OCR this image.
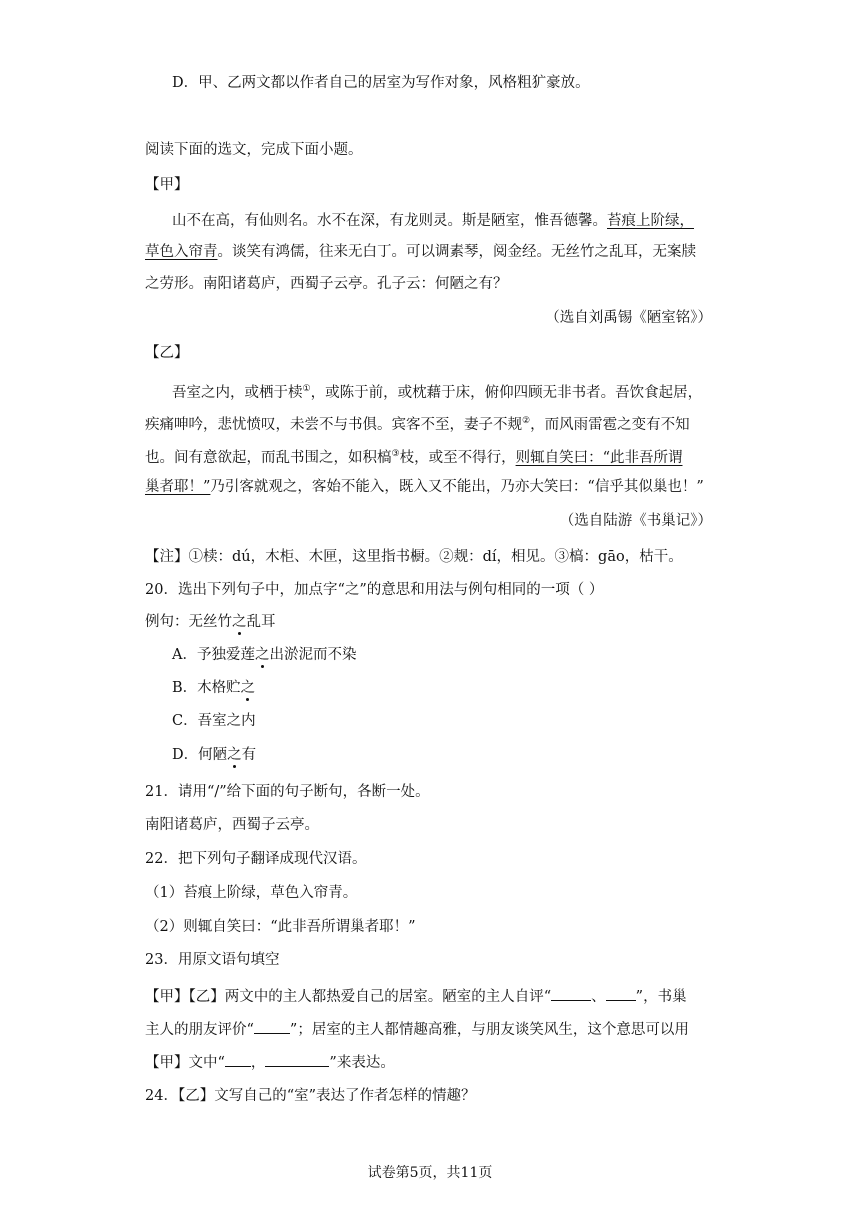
D．甲、乙两文都以作者自己的居室为写作对象，风格粗犷豪放。
阅读下面的选文，完成下面小题。
【甲】
山不在高，有仙则名。水不在深，有龙则灵。斯是陋室，惟吾德馨。苔痕上阶绿，
草色入帘青。谈笑有鸿儒，往来无白丁。可以调素琴，阅金经。无丝竹之乱耳，无案牍
之劳形。南阳诸葛庐，西蜀子云亭。孔子云：何陋之有？
（选自刘禹锡《陋室铭》）
【乙】
吾室之内，或栖于椟①，或陈于前，或枕藉于床，俯仰四顾无非书者。吾饮食起居，
疾痛呻吟，悲忧愤叹，未尝不与书俱。宾客不至，妻子不觌②，而风雨雷雹之变有不知
也。间有意欲起，而乱书围之，如积槁③枝，或至不得行，则辄自笑曰：“此非吾所谓
巢者耶！”乃引客就观之，客始不能入，既入又不能出，乃亦大笑曰：“信乎其似巢也！”
（选自陆游《书巢记》）
【注】①椟：dú，木柜、木匣，这里指书橱。②觌：dí，相见。③槁：gāo，枯干。
20．选出下列句子中，加点字“之”的意思和用法与例句相同的一项（ ）
例句：无丝竹之乱耳
A．予独爱莲之出淤泥而不染
B．木格贮之
C．吾室之内
D．何陋之有
21．请用“/”给下面的句子断句，各断一处。
南阳诸葛庐，西蜀子云亭。
22．把下列句子翻译成现代汉语。
（1）苔痕上阶绿，草色入帘青。
（2）则辄自笑曰：“此非吾所谓巢者耶！”
23．用原文语句填空
【甲】【乙】两文中的主人都热爱自己的居室。陋室的主人自评“	、 ”，书巢
主人的朋友评价“ ”；居室的主人都情趣高雅，与朋友谈笑风生，这个意思可以用
【甲】文中“ ，	”来表达。
24．【乙】文写自己的“室”表达了作者怎样的情趣？
试卷第5页，共11页
